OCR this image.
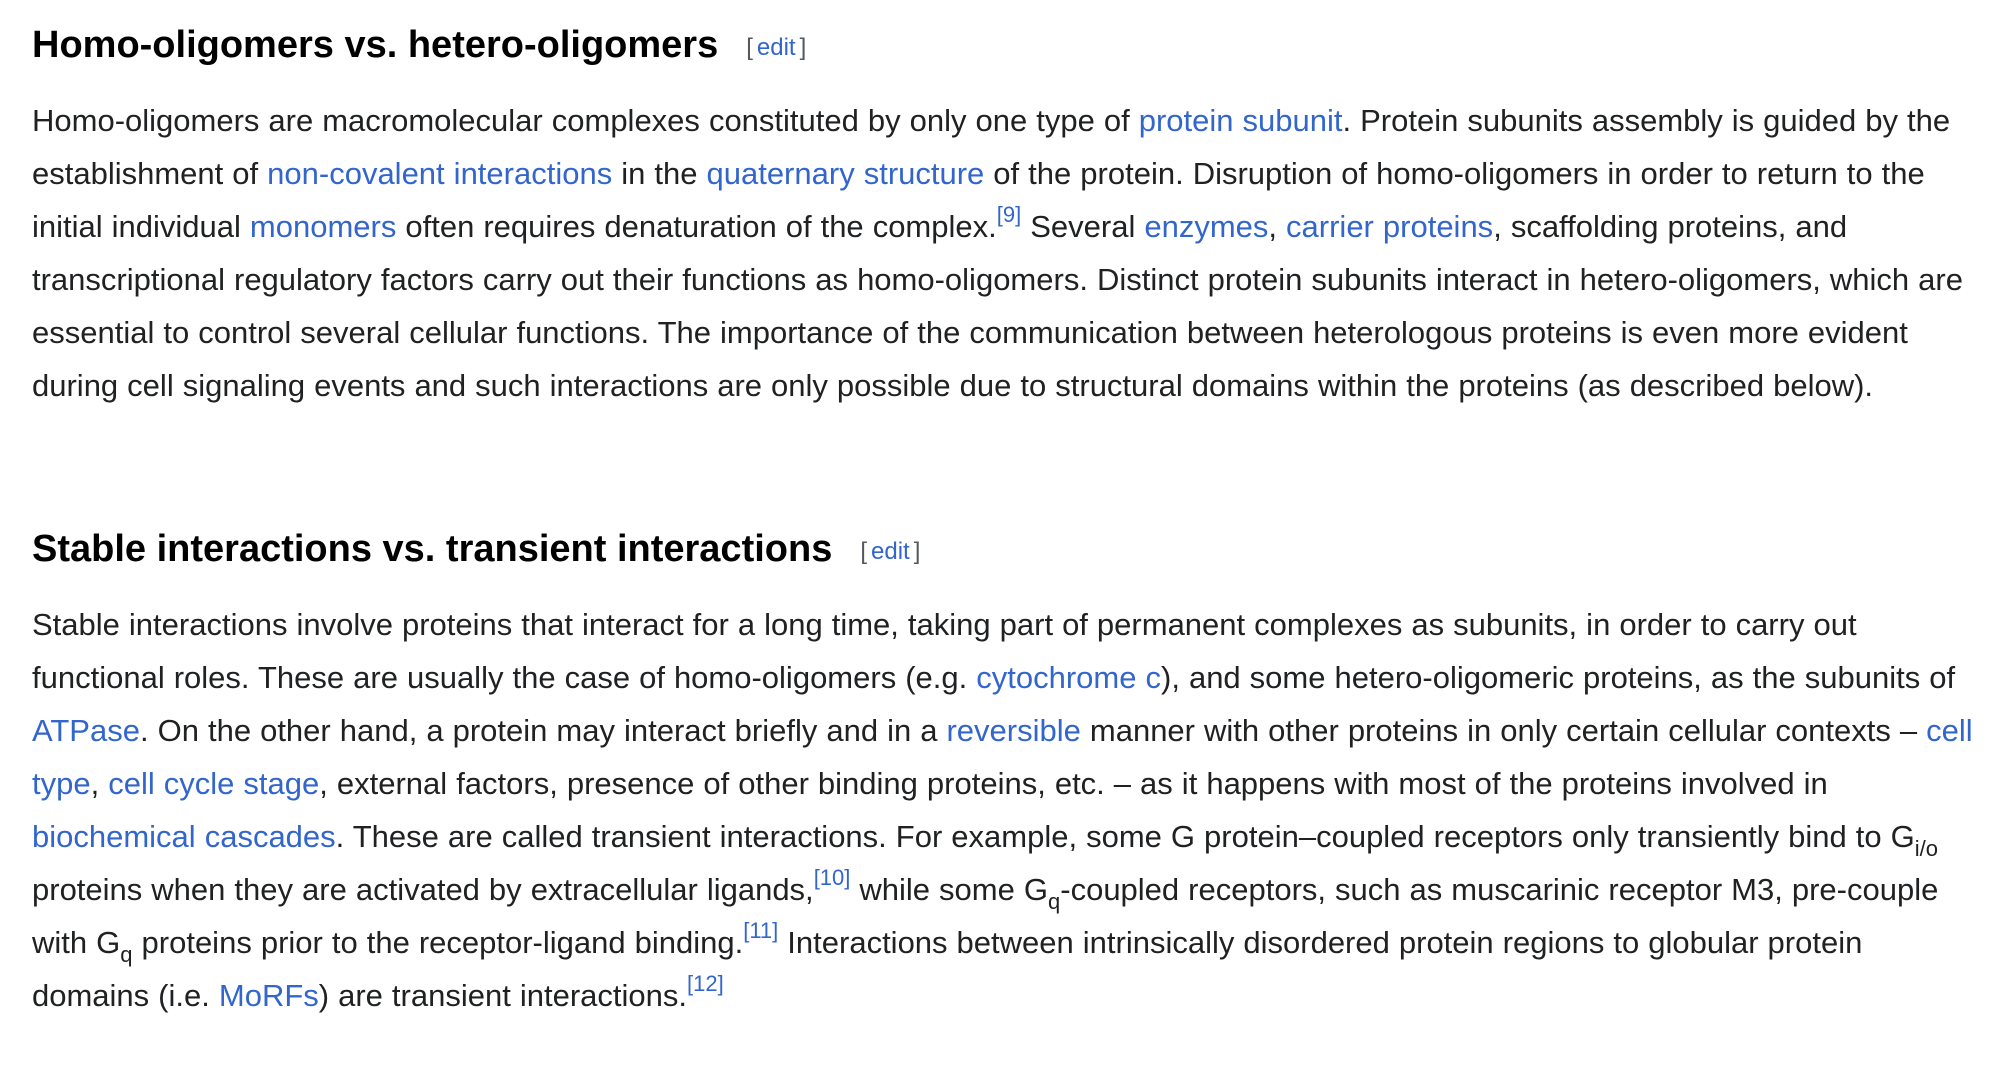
Homo-oligomers vs. hetero-oligomers [ edit ]

Homo-oligomers are macromolecular complexes constituted by only one type of protein subunit. Protein subunits assembly is guided by the establishment of non-covalent interactions in the quaternary structure of the protein. Disruption of homo-oligomers in order to return to the initial individual monomers often requires denaturation of the complex.[9] Several enzymes, carrier proteins, scaffolding proteins, and transcriptional regulatory factors carry out their functions as homo-oligomers. Distinct protein subunits interact in hetero-oligomers, which are essential to control several cellular functions. The importance of the communication between heterologous proteins is even more evident during cell signaling events and such interactions are only possible due to structural domains within the proteins (as described below).

Stable interactions vs. transient interactions [ edit ]

Stable interactions involve proteins that interact for a long time, taking part of permanent complexes as subunits, in order to carry out functional roles. These are usually the case of homo-oligomers (e.g. cytochrome c), and some hetero-oligomeric proteins, as the subunits of ATPase. On the other hand, a protein may interact briefly and in a reversible manner with other proteins in only certain cellular contexts – cell type, cell cycle stage, external factors, presence of other binding proteins, etc. – as it happens with most of the proteins involved in biochemical cascades. These are called transient interactions. For example, some G protein–coupled receptors only transiently bind to $G_{i/o}$ proteins when they are activated by extracellular ligands,[10] while some $G_q$-coupled receptors, such as muscarinic receptor M3, pre-couple with $G_q$ proteins prior to the receptor-ligand binding.[11] Interactions between intrinsically disordered protein regions to globular protein domains (i.e. MoRFs) are transient interactions.[12]
